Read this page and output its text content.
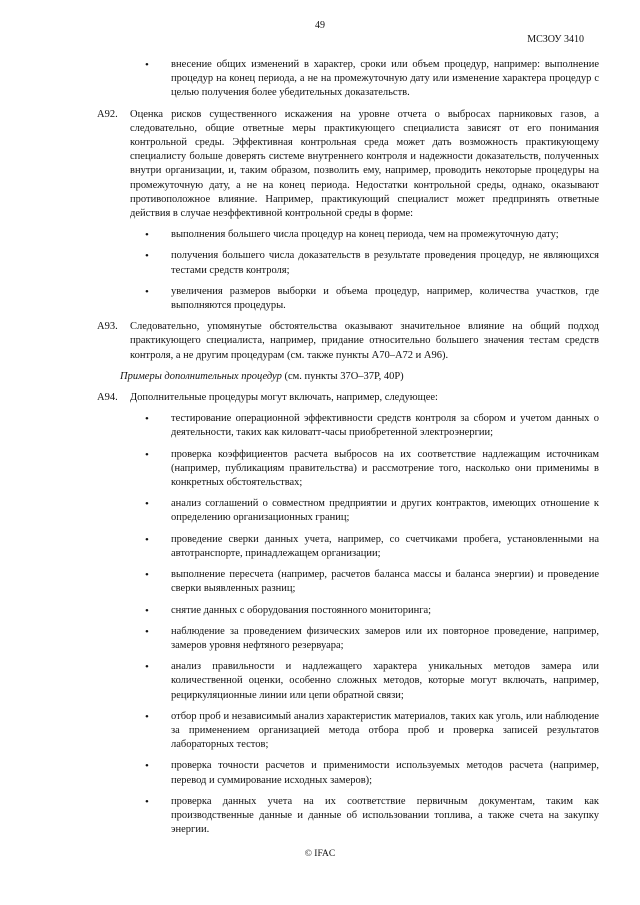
49
МСЗОУ 3410
• внесение общих изменений в характер, сроки или объем процедур, например: выполнение процедур на конец периода, а не на промежуточную дату или изменение характера процедур с целью получения более убедительных доказательств.
A92. Оценка рисков существенного искажения на уровне отчета о выбросах парниковых газов, а следовательно, общие ответные меры практикующего специалиста зависят от его понимания контрольной среды. Эффективная контрольная среда может дать возможность практикующему специалисту больше доверять системе внутреннего контроля и надежности доказательств, полученных внутри организации, и, таким образом, позволить ему, например, проводить некоторые процедуры на промежуточную дату, а не на конец периода. Недостатки контрольной среды, однако, оказывают противоположное влияние. Например, практикующий специалист может предпринять ответные действия в случае неэффективной контрольной среды в форме:
• выполнения большего числа процедур на конец периода, чем на промежуточную дату;
• получения большего числа доказательств в результате проведения процедур, не являющихся тестами средств контроля;
• увеличения размеров выборки и объема процедур, например, количества участков, где выполняются процедуры.
A93. Следовательно, упомянутые обстоятельства оказывают значительное влияние на общий подход практикующего специалиста, например, придание относительно большего значения тестам средств контроля, а не другим процедурам (см. также пункты А70–А72 и А96).
Примеры дополнительных процедур (см. пункты 37О–37Р, 40Р)
A94. Дополнительные процедуры могут включать, например, следующее:
• тестирование операционной эффективности средств контроля за сбором и учетом данных о деятельности, таких как киловатт-часы приобретенной электроэнергии;
• проверка коэффициентов расчета выбросов на их соответствие надлежащим источникам (например, публикациям правительства) и рассмотрение того, насколько они применимы в конкретных обстоятельствах;
• анализ соглашений о совместном предприятии и других контрактов, имеющих отношение к определению организационных границ;
• проведение сверки данных учета, например, со счетчиками пробега, установленными на автотранспорте, принадлежащем организации;
• выполнение пересчета (например, расчетов баланса массы и баланса энергии) и проведение сверки выявленных разниц;
• снятие данных с оборудования постоянного мониторинга;
• наблюдение за проведением физических замеров или их повторное проведение, например, замеров уровня нефтяного резервуара;
• анализ правильности и надлежащего характера уникальных методов замера или количественной оценки, особенно сложных методов, которые могут включать, например, рециркуляционные линии или цепи обратной связи;
• отбор проб и независимый анализ характеристик материалов, таких как уголь, или наблюдение за применением организацией метода отбора проб и проверка записей результатов лабораторных тестов;
• проверка точности расчетов и применимости используемых методов расчета (например, перевод и суммирование исходных замеров);
• проверка данных учета на их соответствие первичным документам, таким как производственные данные и данные об использовании топлива, а также счета на закупку энергии.
© IFAC
